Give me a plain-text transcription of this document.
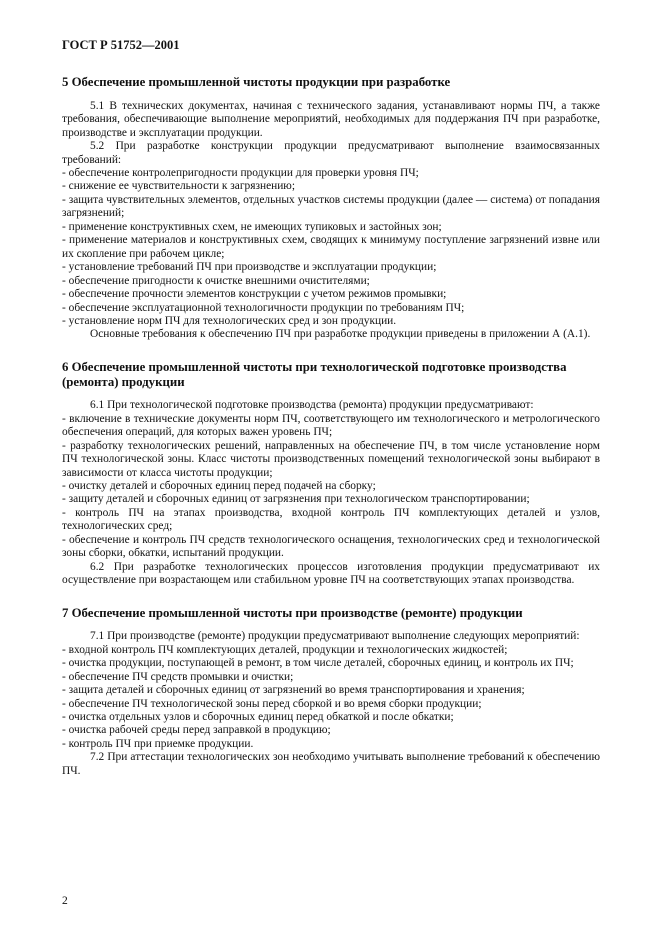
ГОСТ Р 51752—2001
5 Обеспечение промышленной чистоты продукции при разработке

5.1 В технических документах, начиная с технического задания, устанавливают нормы ПЧ, а также требования, обеспечивающие выполнение мероприятий, необходимых для поддержания ПЧ при разработке, производстве и эксплуатации продукции.

5.2 При разработке конструкции продукции предусматривают выполнение взаимосвязанных требований:

- обеспечение контролепригодности продукции для проверки уровня ПЧ;

- снижение ее чувствительности к загрязнению;

- защита чувствительных элементов, отдельных участков системы продукции (далее — система) от попадания загрязнений;

- применение конструктивных схем, не имеющих тупиковых и застойных зон;

- применение материалов и конструктивных схем, сводящих к минимуму поступление загрязнений извне или их скопление при рабочем цикле;

- установление требований ПЧ при производстве и эксплуатации продукции;

- обеспечение пригодности к очистке внешними очистителями;

- обеспечение прочности элементов конструкции с учетом режимов промывки;

- обеспечение эксплуатационной технологичности продукции по требованиям ПЧ;

- установление норм ПЧ для технологических сред и зон продукции.

Основные требования к обеспечению ПЧ при разработке продукции приведены в приложении А (А.1).

6 Обеспечение промышленной чистоты при технологической подготовке производства (ремонта) продукции

6.1 При технологической подготовке производства (ремонта) продукции предусматривают:

- включение в технические документы норм ПЧ, соответствующего им технологического и метрологического обеспечения операций, для которых важен уровень ПЧ;

- разработку технологических решений, направленных на обеспечение ПЧ, в том числе установление норм ПЧ технологической зоны. Класс чистоты производственных помещений технологической зоны выбирают в зависимости от класса чистоты продукции;

- очистку деталей и сборочных единиц перед подачей на сборку;

- защиту деталей и сборочных единиц от загрязнения при технологическом транспортировании;

- контроль ПЧ на этапах производства, входной контроль ПЧ комплектующих деталей и узлов, технологических сред;

- обеспечение и контроль ПЧ средств технологического оснащения, технологических сред и технологической зоны сборки, обкатки, испытаний продукции.

6.2 При разработке технологических процессов изготовления продукции предусматривают их осуществление при возрастающем или стабильном уровне ПЧ на соответствующих этапах производства.

7 Обеспечение промышленной чистоты при производстве (ремонте) продукции

7.1 При производстве (ремонте) продукции предусматривают выполнение следующих мероприятий:

- входной контроль ПЧ комплектующих деталей, продукции и технологических жидкостей;

- очистка продукции, поступающей в ремонт, в том числе деталей, сборочных единиц, и контроль их ПЧ;

- обеспечение ПЧ средств промывки и очистки;

- защита деталей и сборочных единиц от загрязнений во время транспортирования и хранения;

- обеспечение ПЧ технологической зоны перед сборкой и во время сборки продукции;

- очистка отдельных узлов и сборочных единиц перед обкаткой и после обкатки;

- очистка рабочей среды перед заправкой в продукцию;

- контроль ПЧ при приемке продукции.

7.2 При аттестации технологических зон необходимо учитывать выполнение требований к обеспечению ПЧ.

2
